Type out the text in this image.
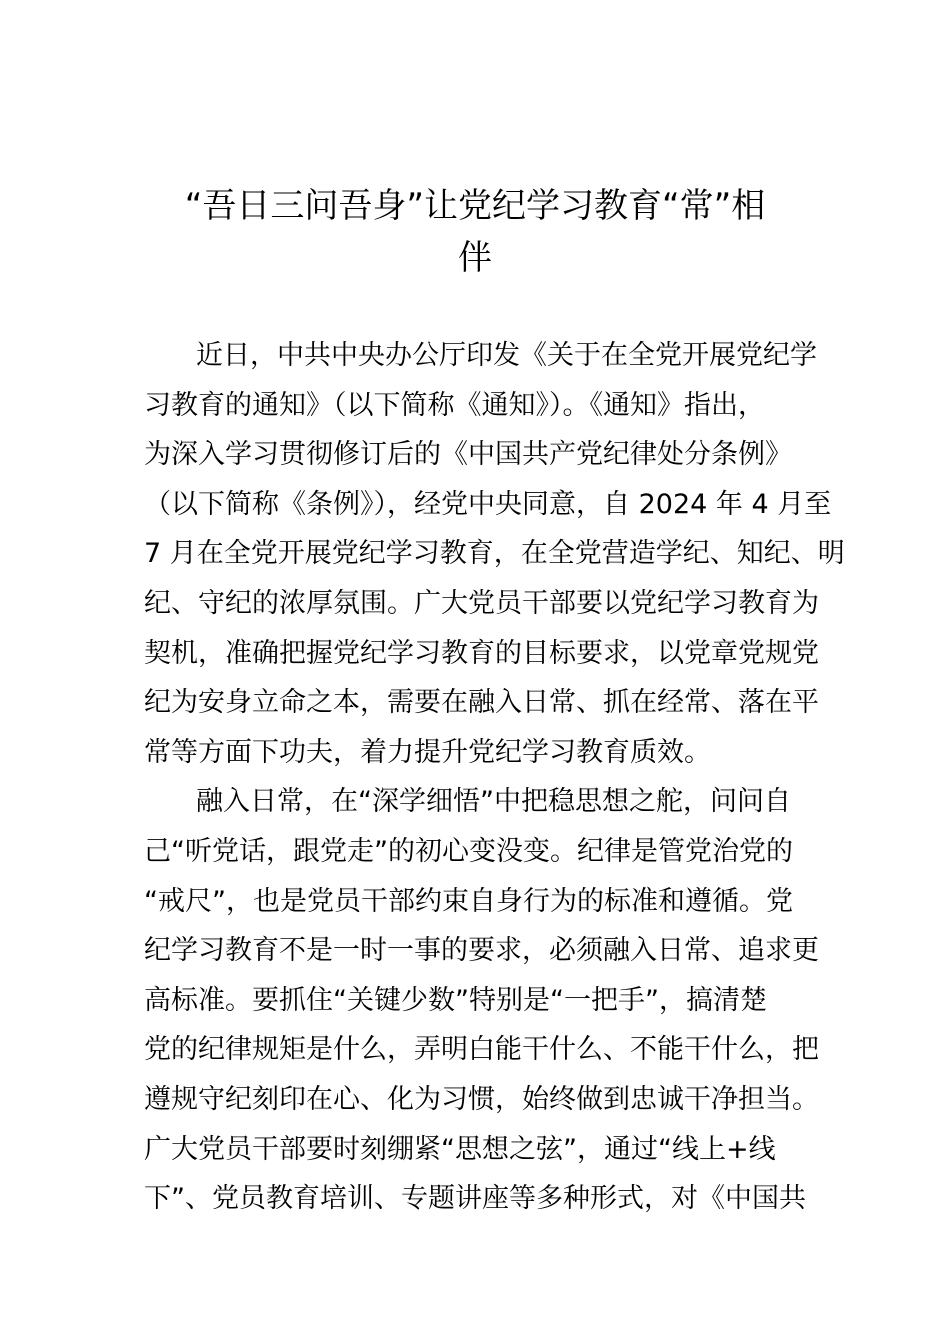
“吾日三问吾身”让党纪学习教育“常”相
伴
近日，中共中央办公厅印发《关于在全党开展党纪学
习教育的通知》（以下简称《通知》）。《通知》指出，
为深入学习贯彻修订后的《中国共产党纪律处分条例》
（以下简称《条例》），经党中央同意，自 2024 年 4 月至
7 月在全党开展党纪学习教育，在全党营造学纪、知纪、明
纪、守纪的浓厚氛围。广大党员干部要以党纪学习教育为
契机，准确把握党纪学习教育的目标要求，以党章党规党
纪为安身立命之本，需要在融入日常、抓在经常、落在平
常等方面下功夫，着力提升党纪学习教育质效。
融入日常，在“深学细悟”中把稳思想之舵，问问自
己“听党话，跟党走”的初心变没变。纪律是管党治党的
“戒尺”，也是党员干部约束自身行为的标准和遵循。党
纪学习教育不是一时一事的要求，必须融入日常、追求更
高标准。要抓住“关键少数”特别是“一把手”，搞清楚
党的纪律规矩是什么，弄明白能干什么、不能干什么，把
遵规守纪刻印在心、化为习惯，始终做到忠诚干净担当。
广大党员干部要时刻绷紧“思想之弦”，通过“线上+线
下”、党员教育培训、专题讲座等多种形式，对《中国共
